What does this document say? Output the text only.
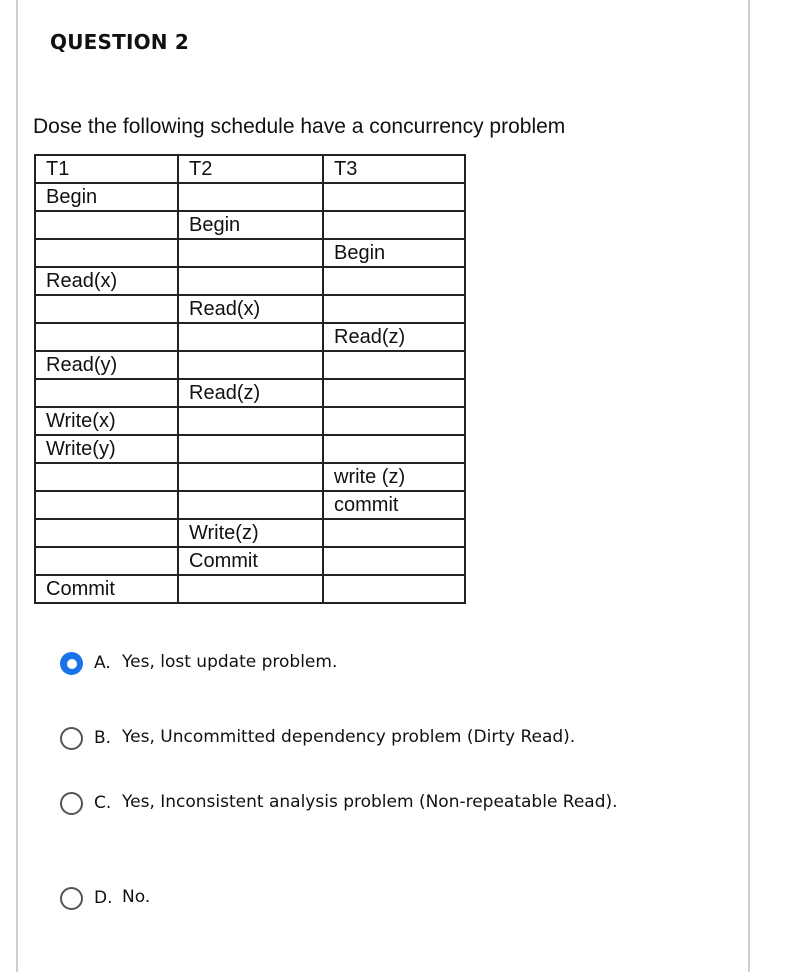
QUESTION 2
Dose the following schedule have a concurrency problem
T1	T2	T3
Begin		
	Begin	
		Begin
Read(x)		
	Read(x)	
		Read(z)
Read(y)		
	Read(z)	
Write(x)		
Write(y)		
		write (z)
		commit
	Write(z)	
	Commit	
Commit		
A. Yes, lost update problem.
B. Yes, Uncommitted dependency problem (Dirty Read).
C. Yes, Inconsistent analysis problem (Non-repeatable Read).
D. No.
